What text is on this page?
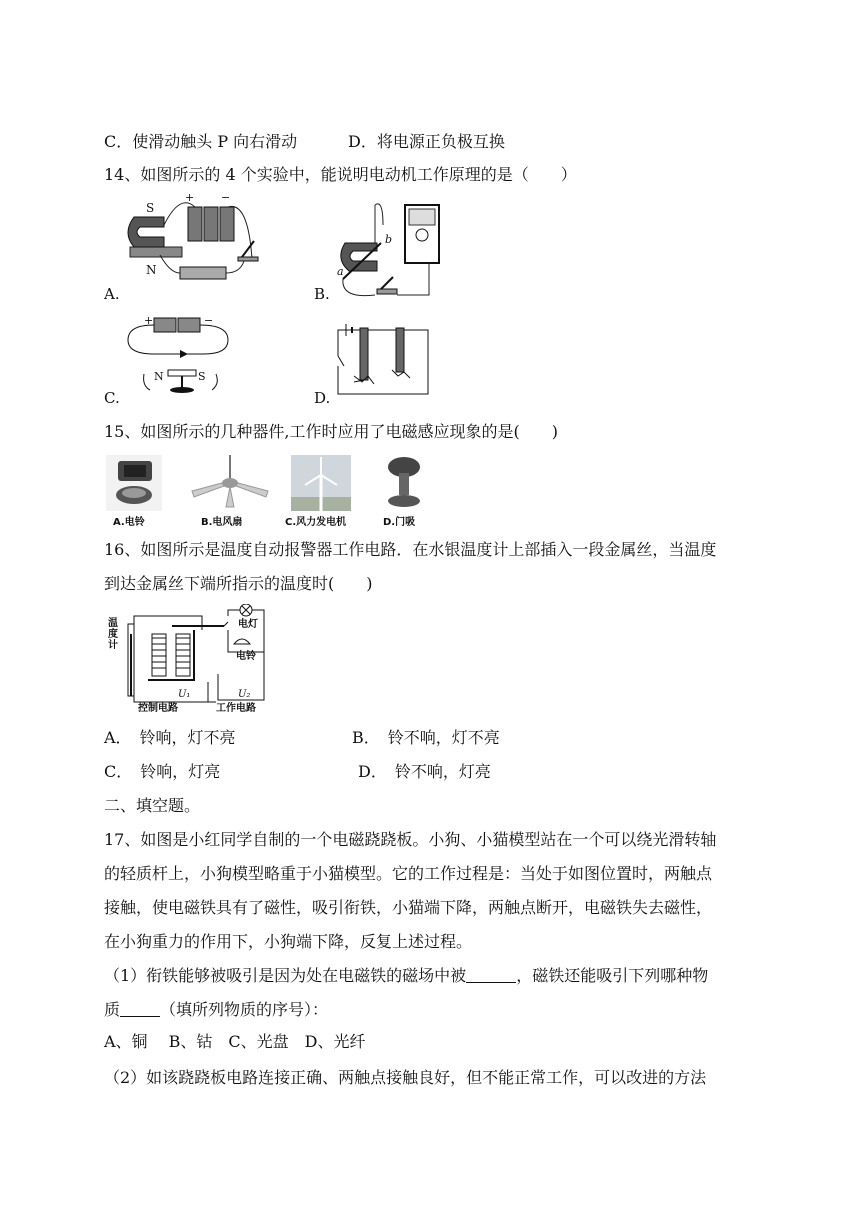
C．使滑动触头 P 向右滑动	D．将电源正负极互换
14、如图所示的 4 个实验中，能说明电动机工作原理的是（　　）
S
N
+ −
A.
a
b
B.
+	−
N	S
C.	D.
15、如图所示的几种器件,工作时应用了电磁感应现象的是(　　)
A.电铃	B.电风扇	C.风力发电机	D.门吸
16、如图所示是温度自动报警器工作电路．在水银温度计上部插入一段金属丝，当温度
到达金属丝下端所指示的温度时(　　)
温度计
电灯
电铃
U₁	U₂
控制电路	工作电路
A．　铃响，灯不亮	B．　铃不响，灯不亮
C．　铃响，灯亮	D．　铃不响，灯亮
二、填空题。
17、如图是小红同学自制的一个电磁跷跷板。小狗、小猫模型站在一个可以绕光滑转轴
的轻质杆上，小狗模型略重于小猫模型。它的工作过程是：当处于如图位置时，两触点
接触，使电磁铁具有了磁性，吸引衔铁，小猫端下降，两触点断开，电磁铁失去磁性，
在小狗重力的作用下，小狗端下降，反复上述过程。
（1）衔铁能够被吸引是因为处在电磁铁的磁场中被	，磁铁还能吸引下列哪种物
质	（填所列物质的序号）：
A、铜　 B、钴　C、光盘　D、光纤
（2）如该跷跷板电路连接正确、两触点接触良好，但不能正常工作，可以改进的方法
